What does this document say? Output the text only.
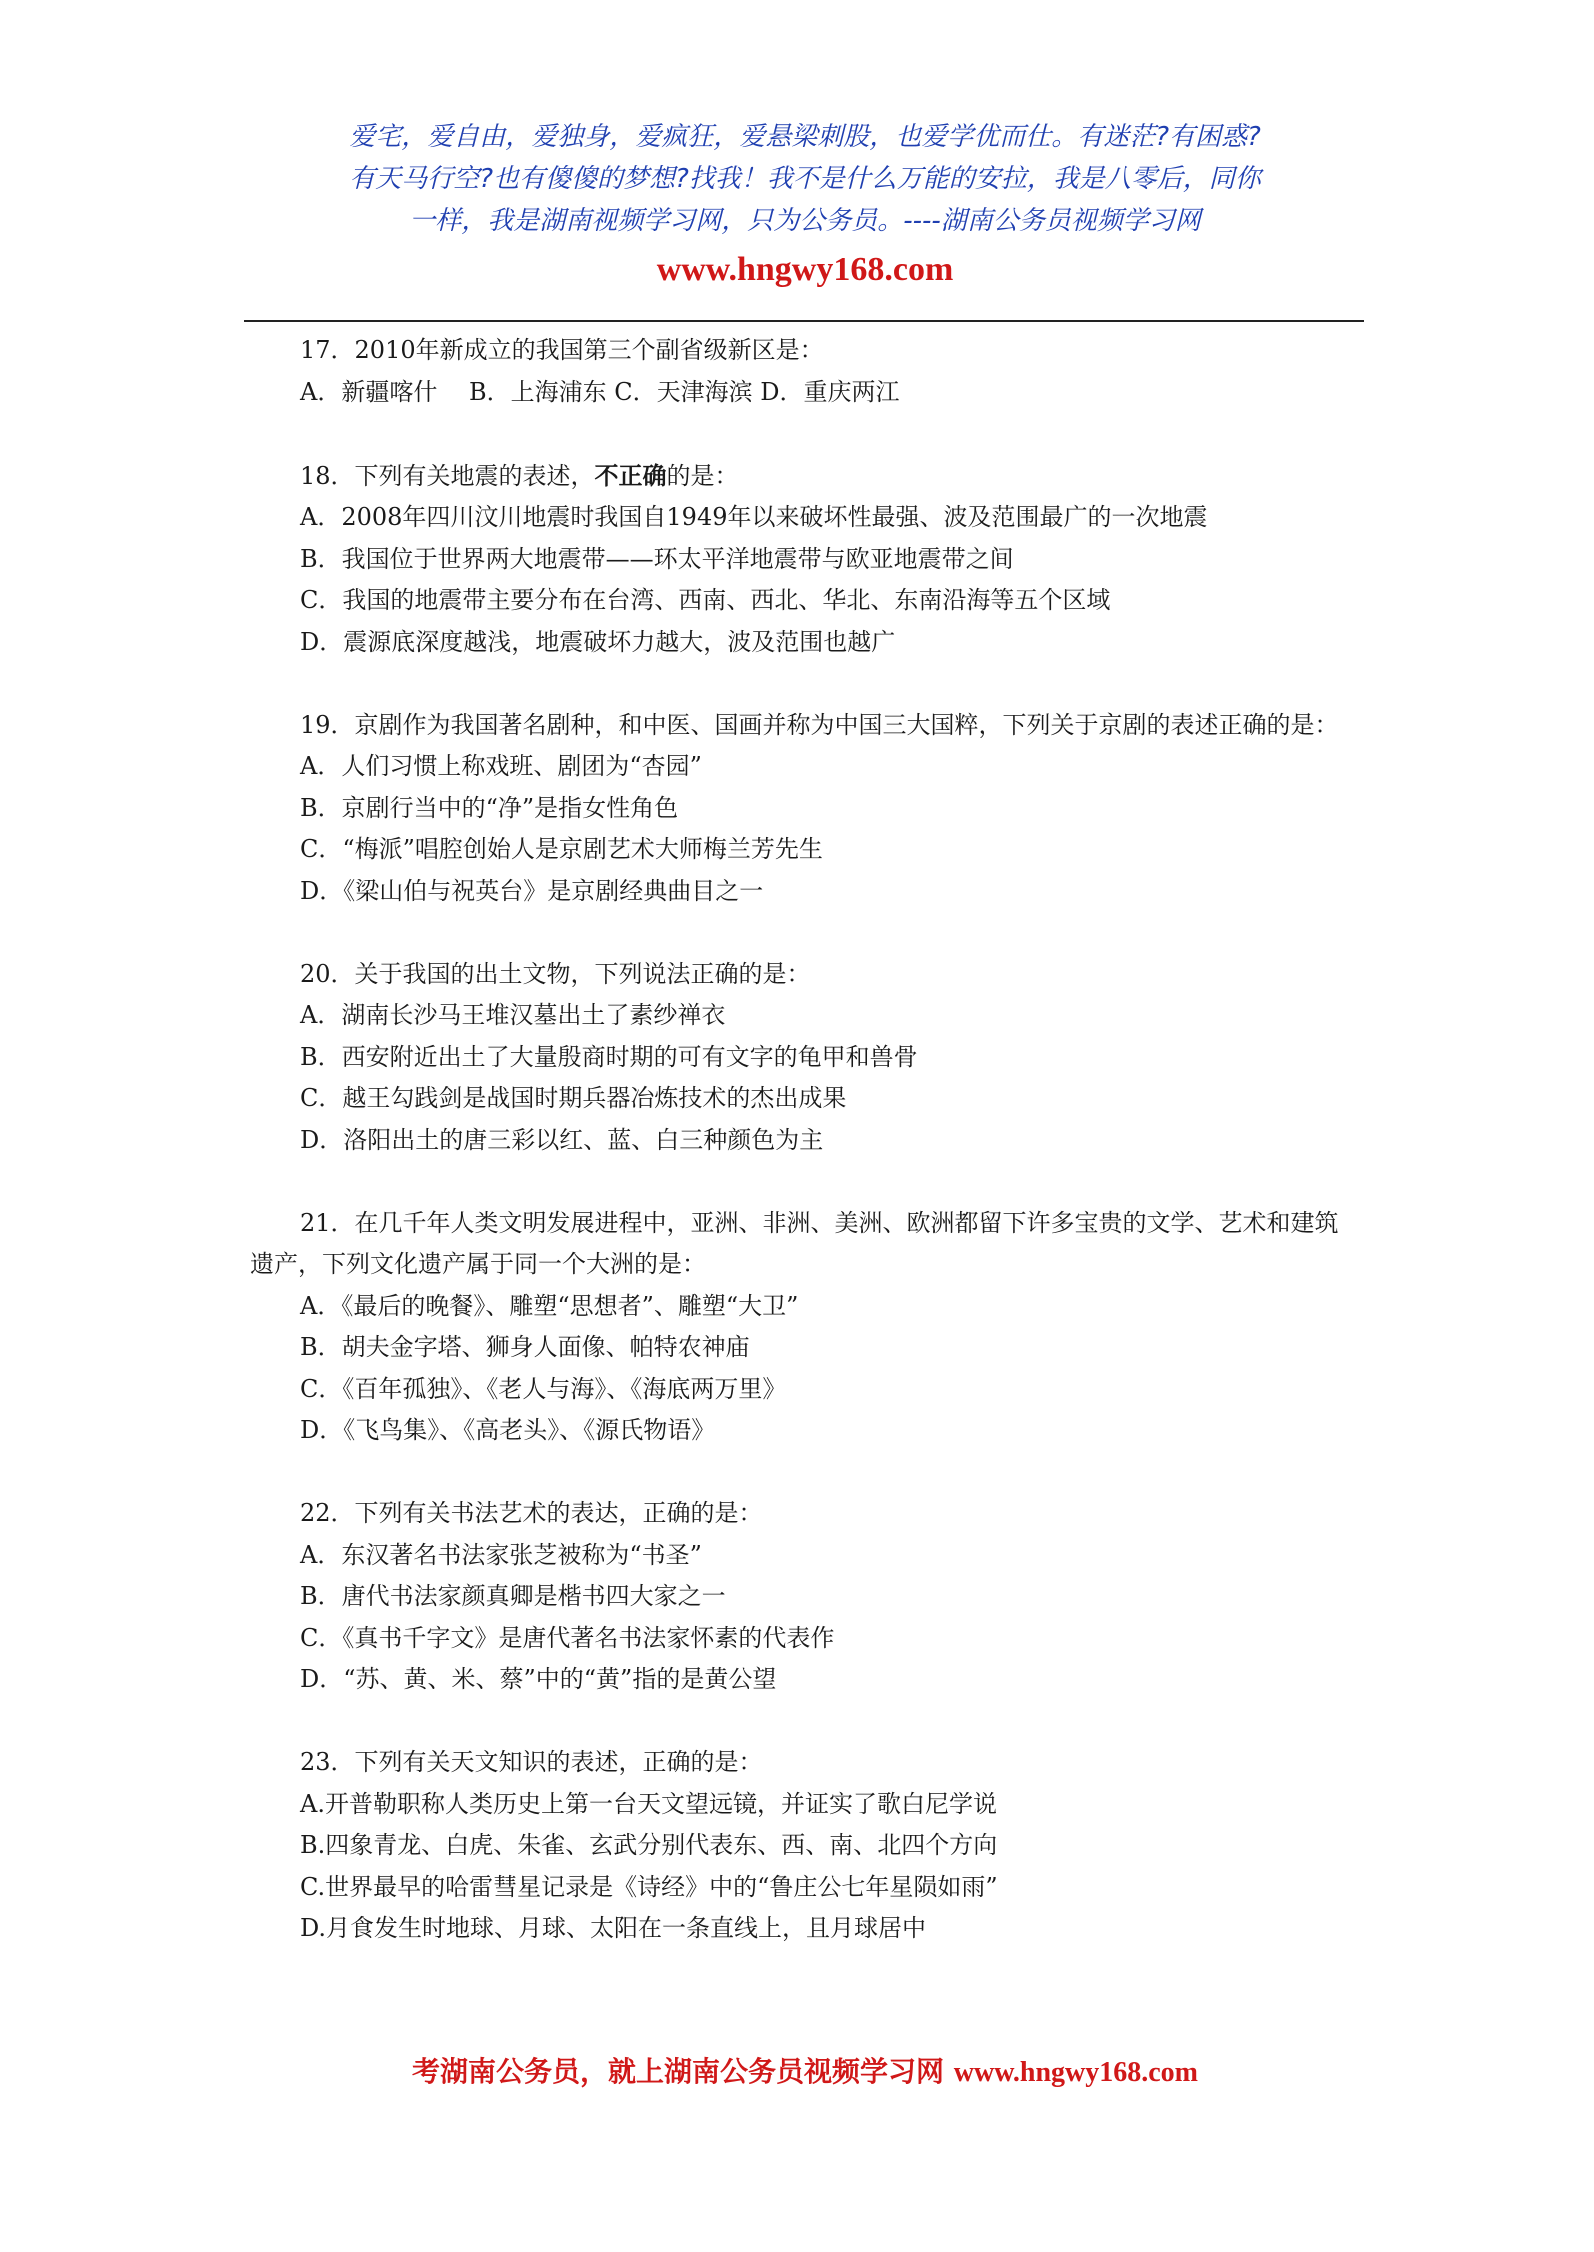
爱宅，爱自由，爱独身，爱疯狂，爱悬梁刺股，也爱学优而仕。有迷茫?有困惑?
有天马行空?也有傻傻的梦想?找我！我不是什么万能的安拉，我是八零后，同你
一样，我是湖南视频学习网，只为公务员。----湖南公务员视频学习网
www.hngwy168.com
17．2010年新成立的我国第三个副省级新区是：
A．新疆喀什　 B．上海浦东 C．天津海滨 D．重庆两江
18．下列有关地震的表述，不正确的是：
A．2008年四川汶川地震时我国自1949年以来破坏性最强、波及范围最广的一次地震
B．我国位于世界两大地震带——环太平洋地震带与欧亚地震带之间
C．我国的地震带主要分布在台湾、西南、西北、华北、东南沿海等五个区域
D．震源底深度越浅，地震破坏力越大，波及范围也越广
19．京剧作为我国著名剧种，和中医、国画并称为中国三大国粹，下列关于京剧的表述正确的是：
A．人们习惯上称戏班、剧团为“杏园”
B．京剧行当中的“净”是指女性角色
C．“梅派”唱腔创始人是京剧艺术大师梅兰芳先生
D．《梁山伯与祝英台》是京剧经典曲目之一
20．关于我国的出土文物，下列说法正确的是：
A．湖南长沙马王堆汉墓出土了素纱禅衣
B．西安附近出土了大量殷商时期的可有文字的龟甲和兽骨
C．越王勾践剑是战国时期兵器冶炼技术的杰出成果
D．洛阳出土的唐三彩以红、蓝、白三种颜色为主
21．在几千年人类文明发展进程中，亚洲、非洲、美洲、欧洲都留下许多宝贵的文学、艺术和建筑遗产，下列文化遗产属于同一个大洲的是：
A．《最后的晚餐》、雕塑“思想者”、雕塑“大卫”
B．胡夫金字塔、狮身人面像、帕特农神庙
C．《百年孤独》、《老人与海》、《海底两万里》
D．《飞鸟集》、《高老头》、《源氏物语》
22．下列有关书法艺术的表达，正确的是：
A．东汉著名书法家张芝被称为“书圣”
B．唐代书法家颜真卿是楷书四大家之一
C．《真书千字文》是唐代著名书法家怀素的代表作
D．“苏、黄、米、蔡”中的“黄”指的是黄公望
23．下列有关天文知识的表述，正确的是：
A.开普勒职称人类历史上第一台天文望远镜，并证实了歌白尼学说
B.四象青龙、白虎、朱雀、玄武分别代表东、西、南、北四个方向
C.世界最早的哈雷彗星记录是《诗经》中的“鲁庄公七年星陨如雨”
D.月食发生时地球、月球、太阳在一条直线上，且月球居中
考湖南公务员，就上湖南公务员视频学习网 www.hngwy168.com
